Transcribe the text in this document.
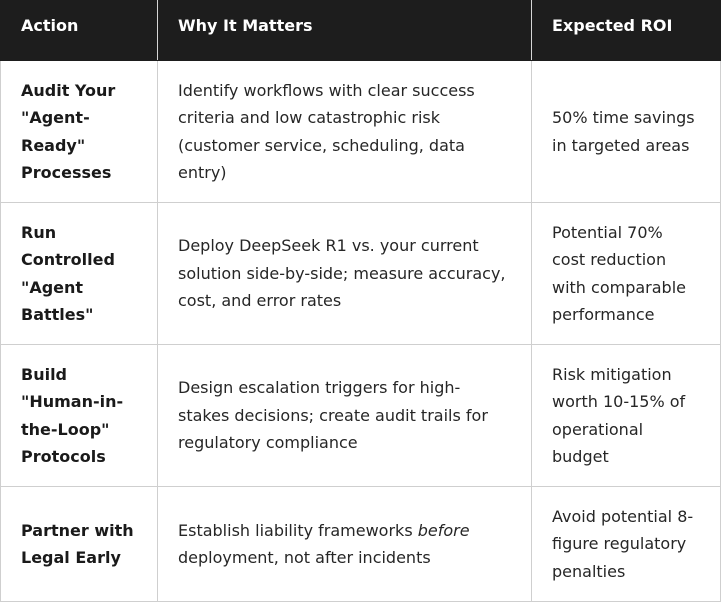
Action	Why It Matters	Expected ROI
Audit Your "Agent-Ready" Processes	Identify workflows with clear success criteria and low catastrophic risk (customer service, scheduling, data entry)	50% time savings in targeted areas
Run Controlled "Agent Battles"	Deploy DeepSeek R1 vs. your current solution side-by-side; measure accuracy, cost, and error rates	Potential 70% cost reduction with comparable performance
Build "Human-in-the-Loop" Protocols	Design escalation triggers for high-stakes decisions; create audit trails for regulatory compliance	Risk mitigation worth 10-15% of operational budget
Partner with Legal Early	Establish liability frameworks before deployment, not after incidents	Avoid potential 8-figure regulatory penalties
